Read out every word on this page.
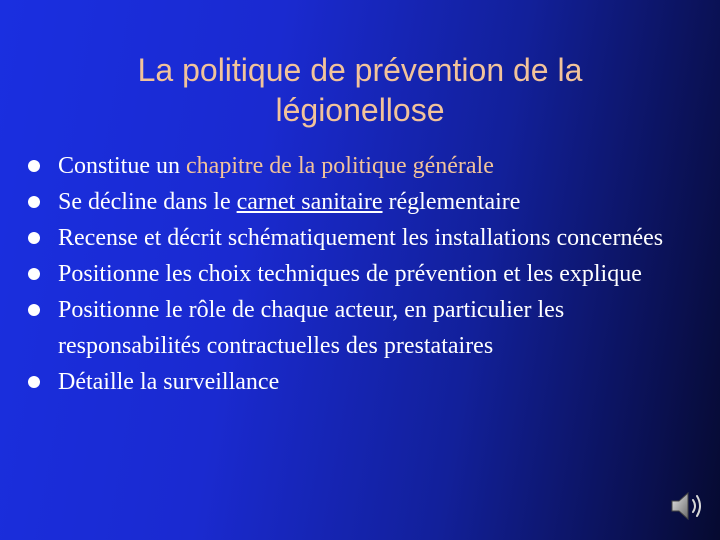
La politique de prévention de la légionellose
Constitue un chapitre de la politique générale
Se décline dans le carnet sanitaire réglementaire
Recense et décrit schématiquement les installations concernées
Positionne les choix techniques de prévention et les explique
Positionne le rôle de chaque acteur, en particulier les responsabilités contractuelles des prestataires
Détaille la surveillance
